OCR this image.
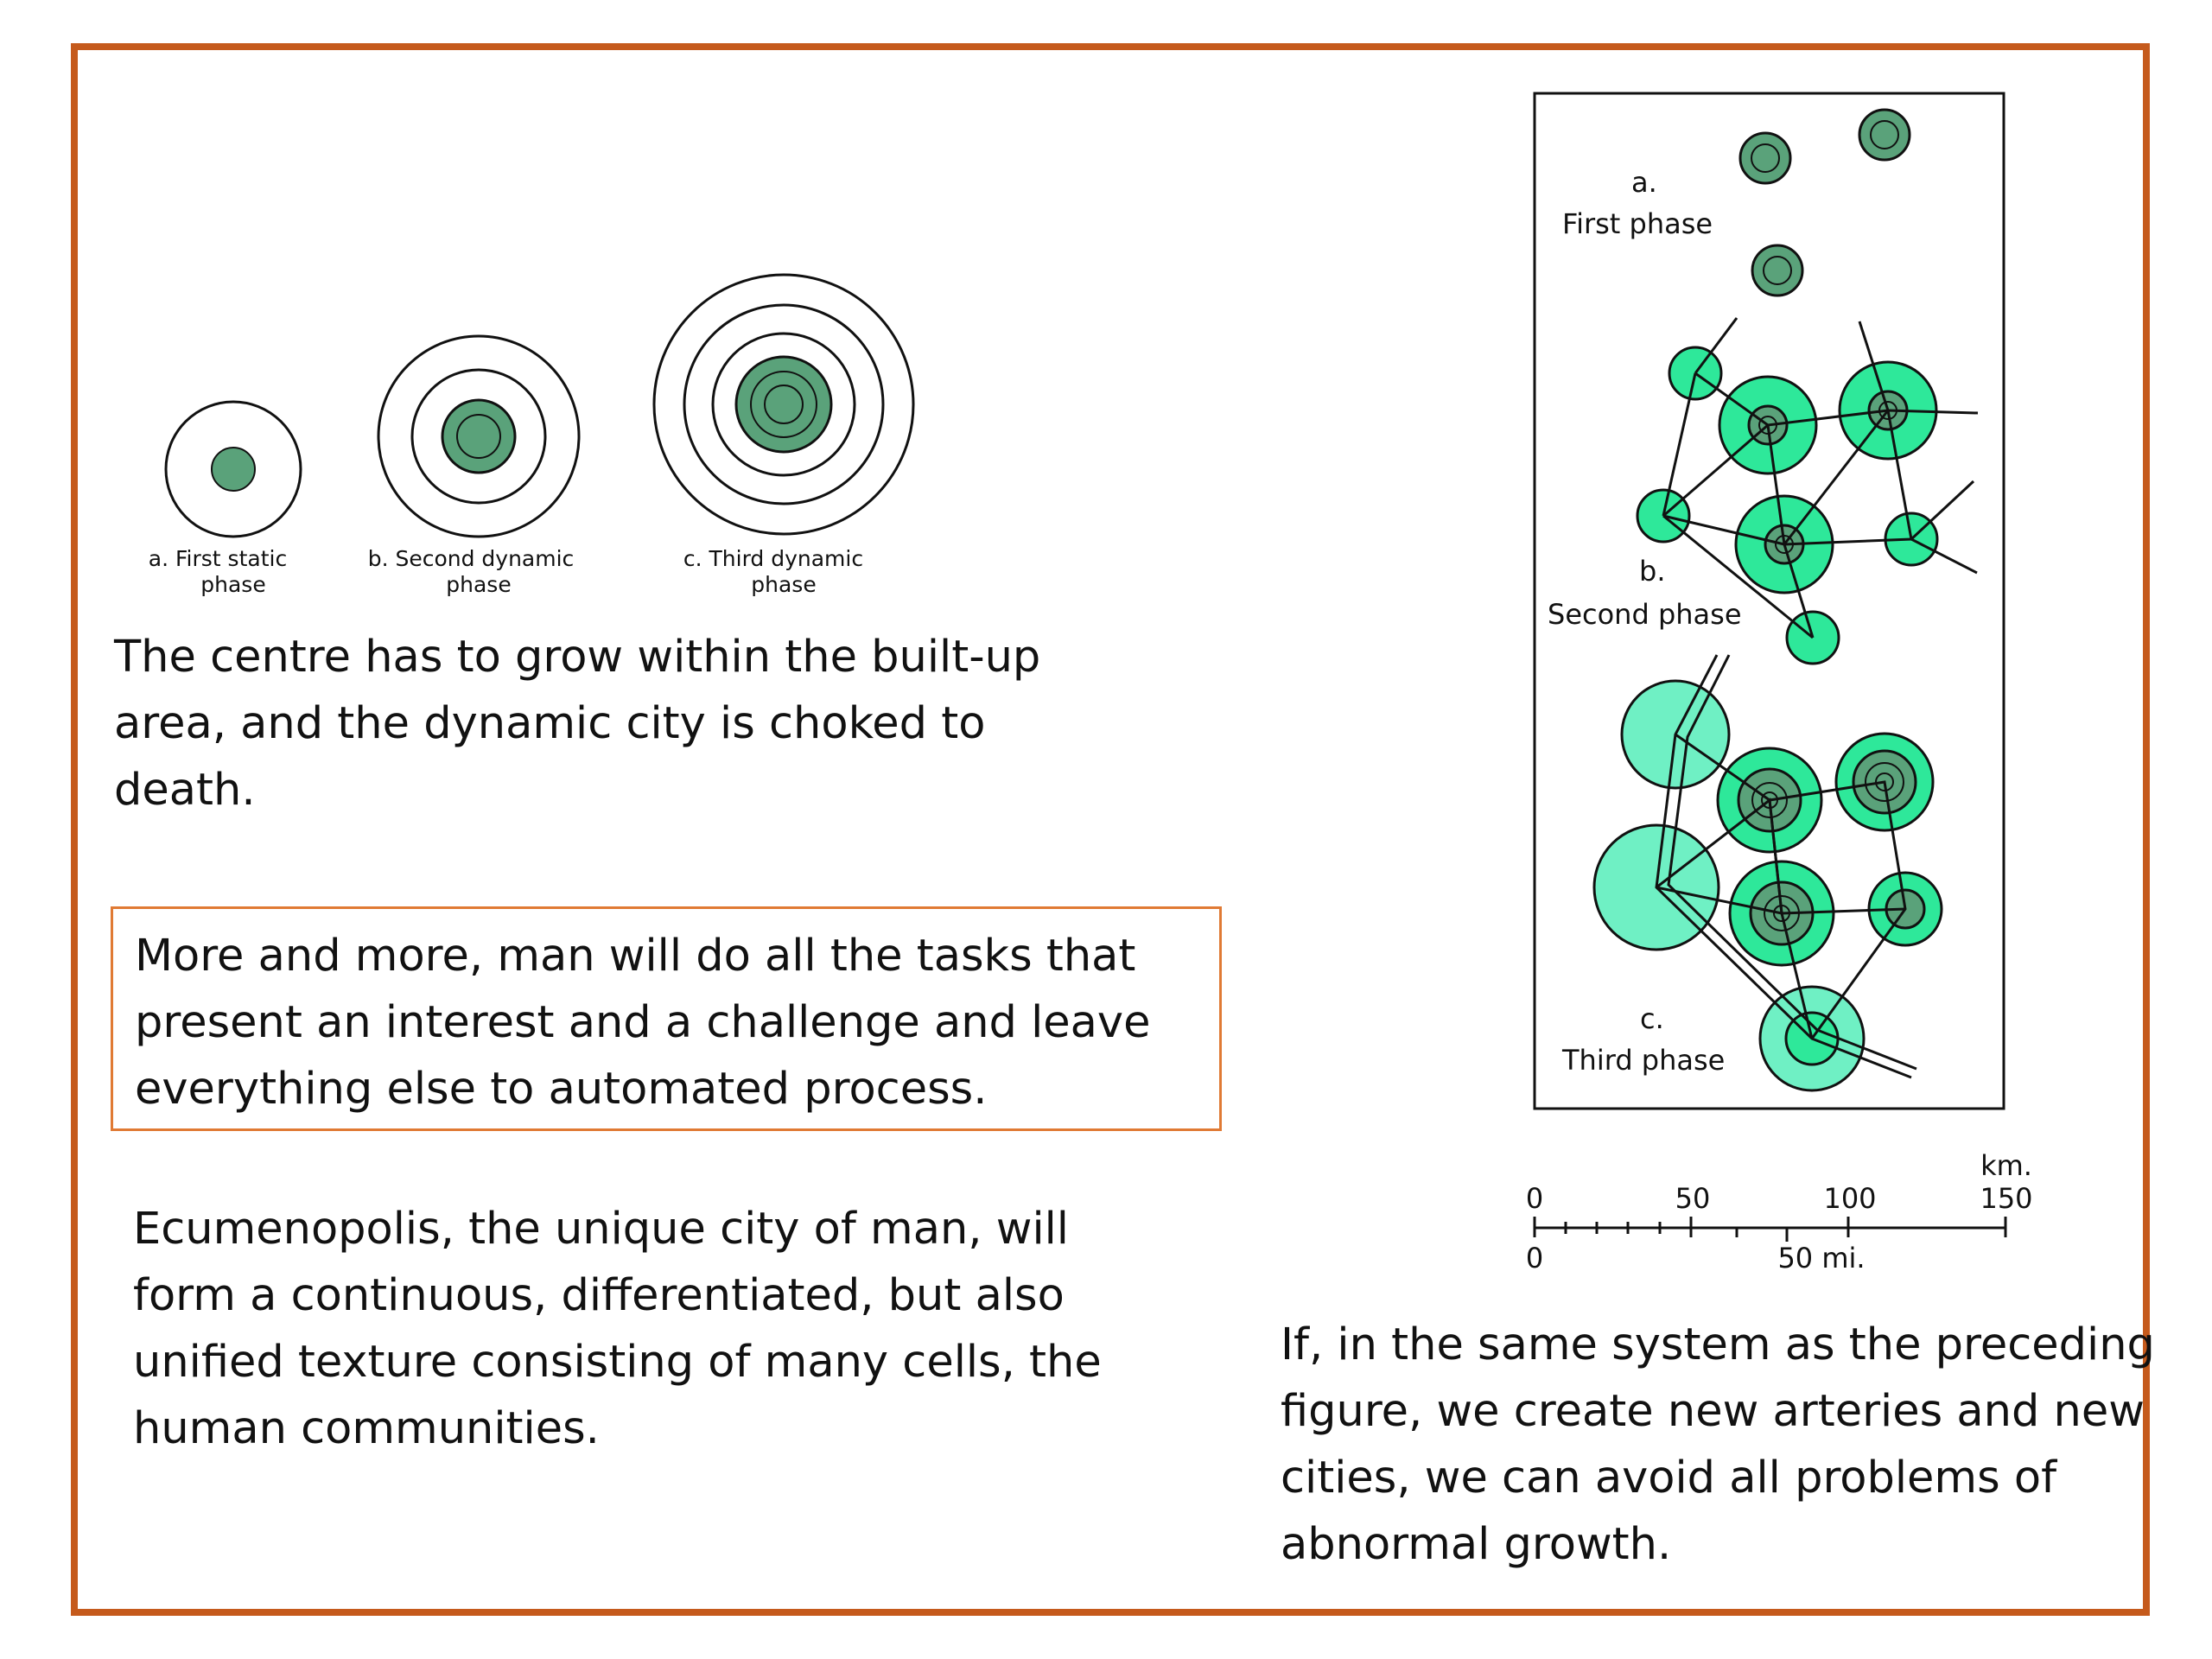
a. First static
phase
b. Second dynamic
phase
c. Third dynamic
phase
a.
First phase
b.
Second phase
c.
Third phase
km.
0	50	100	150
0	50 mi.
The centre has to grow within the built-up area, and the dynamic city is choked to death.
More and more, man will do all the tasks that present an interest and a challenge and leave everything else to automated process.
Ecumenopolis, the unique city of man, will form a continuous, differentiated, but also unified texture consisting of many cells, the human communities.
If, in the same system as the preceding figure, we create new arteries and new cities, we can avoid all problems of abnormal growth.
